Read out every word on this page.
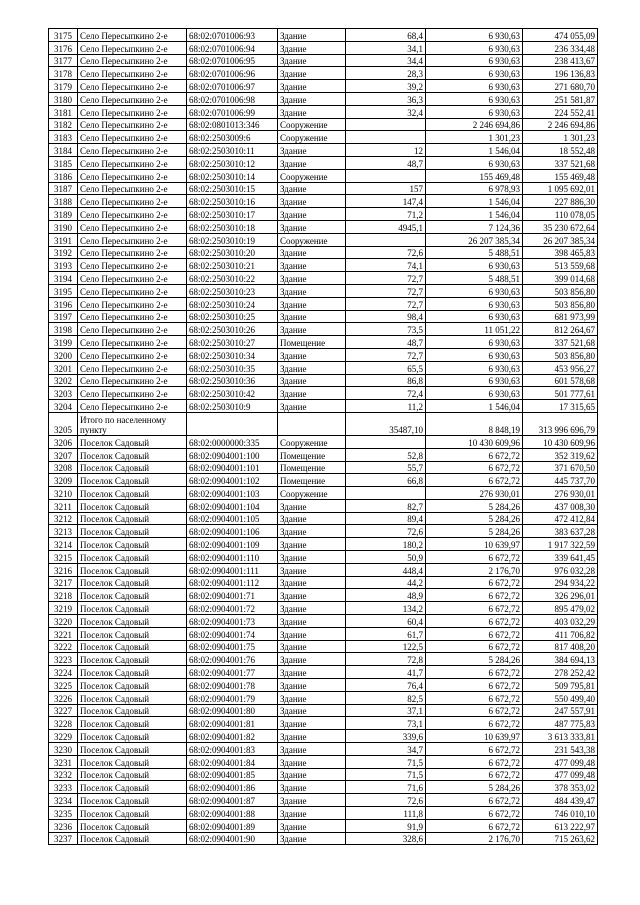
3175	Село Пересыпкино 2-е	68:02:0701006:93	Здание	68,4	6 930,63	474 055,09
3176	Село Пересыпкино 2-е	68:02:0701006:94	Здание	34,1	6 930,63	236 334,48
3177	Село Пересыпкино 2-е	68:02:0701006:95	Здание	34,4	6 930,63	238 413,67
3178	Село Пересыпкино 2-е	68:02:0701006:96	Здание	28,3	6 930,63	196 136,83
3179	Село Пересыпкино 2-е	68:02:0701006:97	Здание	39,2	6 930,63	271 680,70
3180	Село Пересыпкино 2-е	68:02:0701006:98	Здание	36,3	6 930,63	251 581,87
3181	Село Пересыпкино 2-е	68:02:0701006:99	Здание	32,4	6 930,63	224 552,41
3182	Село Пересыпкино 2-е	68:02:0801013:346	Сооружение		2 246 694,86	2 246 694,86
3183	Село Пересыпкино 2-е	68:02:2503009:6	Сооружение		1 301,23	1 301,23
3184	Село Пересыпкино 2-е	68:02:2503010:11	Здание	12	1 546,04	18 552,48
3185	Село Пересыпкино 2-е	68:02:2503010:12	Здание	48,7	6 930,63	337 521,68
3186	Село Пересыпкино 2-е	68:02:2503010:14	Сооружение		155 469,48	155 469,48
3187	Село Пересыпкино 2-е	68:02:2503010:15	Здание	157	6 978,93	1 095 692,01
3188	Село Пересыпкино 2-е	68:02:2503010:16	Здание	147,4	1 546,04	227 886,30
3189	Село Пересыпкино 2-е	68:02:2503010:17	Здание	71,2	1 546,04	110 078,05
3190	Село Пересыпкино 2-е	68:02:2503010:18	Здание	4945,1	7 124,36	35 230 672,64
3191	Село Пересыпкино 2-е	68:02:2503010:19	Сооружение		26 207 385,34	26 207 385,34
3192	Село Пересыпкино 2-е	68:02:2503010:20	Здание	72,6	5 488,51	398 465,83
3193	Село Пересыпкино 2-е	68:02:2503010:21	Здание	74,1	6 930,63	513 559,68
3194	Село Пересыпкино 2-е	68:02:2503010:22	Здание	72,7	5 488,51	399 014,68
3195	Село Пересыпкино 2-е	68:02:2503010:23	Здание	72,7	6 930,63	503 856,80
3196	Село Пересыпкино 2-е	68:02:2503010:24	Здание	72,7	6 930,63	503 856,80
3197	Село Пересыпкино 2-е	68:02:2503010:25	Здание	98,4	6 930,63	681 973,99
3198	Село Пересыпкино 2-е	68:02:2503010:26	Здание	73,5	11 051,22	812 264,67
3199	Село Пересыпкино 2-е	68:02:2503010:27	Помещение	48,7	6 930,63	337 521,68
3200	Село Пересыпкино 2-е	68:02:2503010:34	Здание	72,7	6 930,63	503 856,80
3201	Село Пересыпкино 2-е	68:02:2503010:35	Здание	65,5	6 930,63	453 956,27
3202	Село Пересыпкино 2-е	68:02:2503010:36	Здание	86,8	6 930,63	601 578,68
3203	Село Пересыпкино 2-е	68:02:2503010:42	Здание	72,4	6 930,63	501 777,61
3204	Село Пересыпкино 2-е	68:02:2503010:9	Здание	11,2	1 546,04	17 315,65
3205	Итого по населенному пункту			35487,10	8 848,19	313 996 696,79
3206	Поселок Садовый	68:02:0000000:335	Сооружение		10 430 609,96	10 430 609,96
3207	Поселок Садовый	68:02:0904001:100	Помещение	52,8	6 672,72	352 319,62
3208	Поселок Садовый	68:02:0904001:101	Помещение	55,7	6 672,72	371 670,50
3209	Поселок Садовый	68:02:0904001:102	Помещение	66,8	6 672,72	445 737,70
3210	Поселок Садовый	68:02:0904001:103	Сооружение		276 930,01	276 930,01
3211	Поселок Садовый	68:02:0904001:104	Здание	82,7	5 284,26	437 008,30
3212	Поселок Садовый	68:02:0904001:105	Здание	89,4	5 284,26	472 412,84
3213	Поселок Садовый	68:02:0904001:106	Здание	72,6	5 284,26	383 637,28
3214	Поселок Садовый	68:02:0904001:109	Здание	180,2	10 639,97	1 917 322,59
3215	Поселок Садовый	68:02:0904001:110	Здание	50,9	6 672,72	339 641,45
3216	Поселок Садовый	68:02:0904001:111	Здание	448,4	2 176,70	976 032,28
3217	Поселок Садовый	68:02:0904001:112	Здание	44,2	6 672,72	294 934,22
3218	Поселок Садовый	68:02:0904001:71	Здание	48,9	6 672,72	326 296,01
3219	Поселок Садовый	68:02:0904001:72	Здание	134,2	6 672,72	895 479,02
3220	Поселок Садовый	68:02:0904001:73	Здание	60,4	6 672,72	403 032,29
3221	Поселок Садовый	68:02:0904001:74	Здание	61,7	6 672,72	411 706,82
3222	Поселок Садовый	68:02:0904001:75	Здание	122,5	6 672,72	817 408,20
3223	Поселок Садовый	68:02:0904001:76	Здание	72,8	5 284,26	384 694,13
3224	Поселок Садовый	68:02:0904001:77	Здание	41,7	6 672,72	278 252,42
3225	Поселок Садовый	68:02:0904001:78	Здание	76,4	6 672,72	509 795,81
3226	Поселок Садовый	68:02:0904001:79	Здание	82,5	6 672,72	550 499,40
3227	Поселок Садовый	68:02:0904001:80	Здание	37,1	6 672,72	247 557,91
3228	Поселок Садовый	68:02:0904001:81	Здание	73,1	6 672,72	487 775,83
3229	Поселок Садовый	68:02:0904001:82	Здание	339,6	10 639,97	3 613 333,81
3230	Поселок Садовый	68:02:0904001:83	Здание	34,7	6 672,72	231 543,38
3231	Поселок Садовый	68:02:0904001:84	Здание	71,5	6 672,72	477 099,48
3232	Поселок Садовый	68:02:0904001:85	Здание	71,5	6 672,72	477 099,48
3233	Поселок Садовый	68:02:0904001:86	Здание	71,6	5 284,26	378 353,02
3234	Поселок Садовый	68:02:0904001:87	Здание	72,6	6 672,72	484 439,47
3235	Поселок Садовый	68:02:0904001:88	Здание	111,8	6 672,72	746 010,10
3236	Поселок Садовый	68:02:0904001:89	Здание	91,9	6 672,72	613 222,97
3237	Поселок Садовый	68:02:0904001:90	Здание	328,6	2 176,70	715 263,62
